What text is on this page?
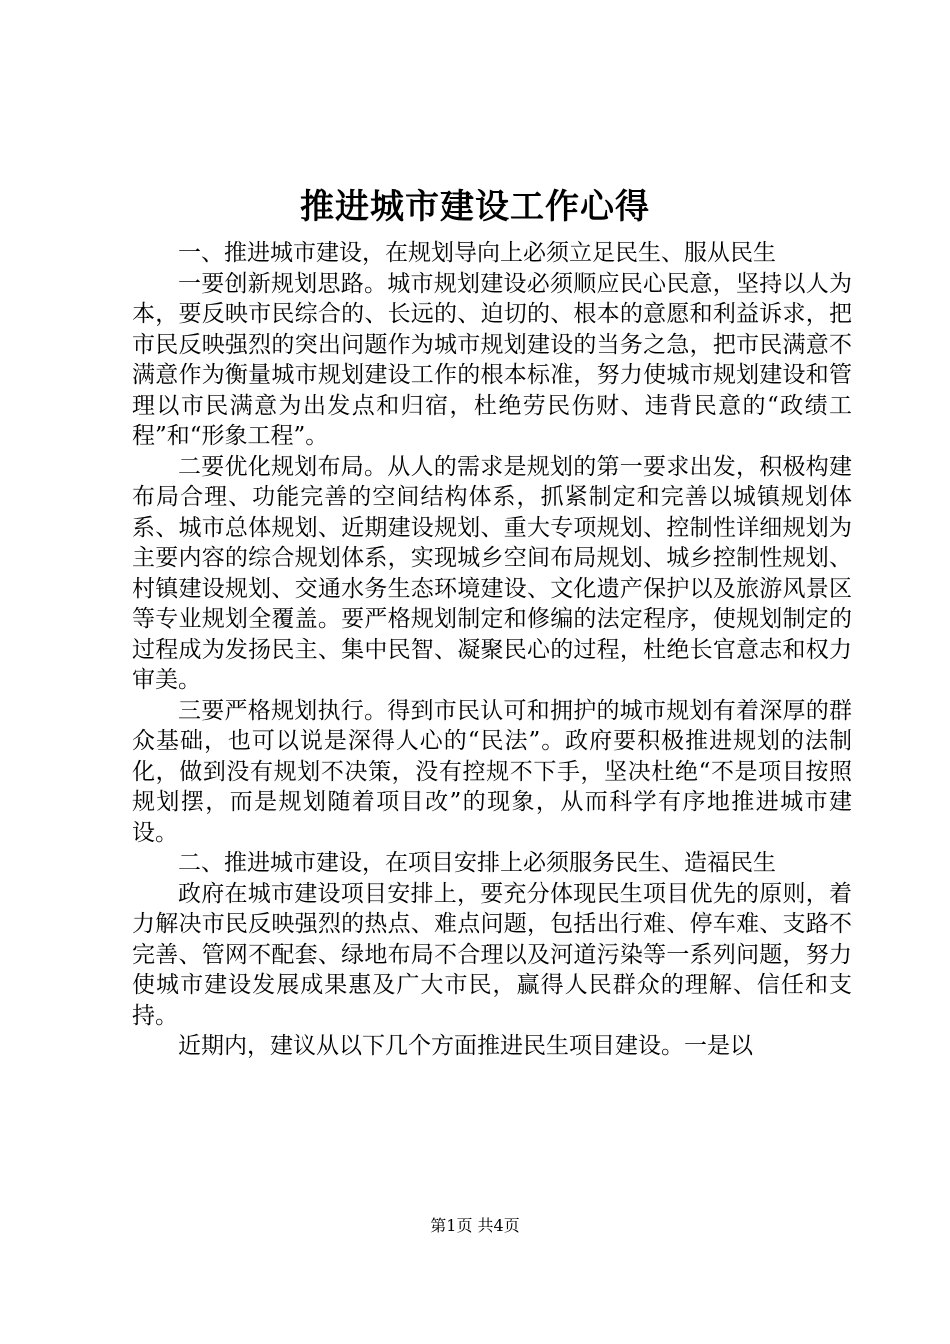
推进城市建设工作心得

一、推进城市建设，在规划导向上必须立足民生、服从民生

一要创新规划思路。城市规划建设必须顺应民心民意，坚持以人为本，要反映市民综合的、长远的、迫切的、根本的意愿和利益诉求，把市民反映强烈的突出问题作为城市规划建设的当务之急，把市民满意不满意作为衡量城市规划建设工作的根本标准，努力使城市规划建设和管理以市民满意为出发点和归宿，杜绝劳民伤财、违背民意的“政绩工程”和“形象工程”。

二要优化规划布局。从人的需求是规划的第一要求出发，积极构建布局合理、功能完善的空间结构体系，抓紧制定和完善以城镇规划体系、城市总体规划、近期建设规划、重大专项规划、控制性详细规划为主要内容的综合规划体系，实现城乡空间布局规划、城乡控制性规划、村镇建设规划、交通水务生态环境建设、文化遗产保护以及旅游风景区等专业规划全覆盖。要严格规划制定和修编的法定程序，使规划制定的过程成为发扬民主、集中民智、凝聚民心的过程，杜绝长官意志和权力审美。

三要严格规划执行。得到市民认可和拥护的城市规划有着深厚的群众基础，也可以说是深得人心的“民法”。政府要积极推进规划的法制化，做到没有规划不决策，没有控规不下手，坚决杜绝“不是项目按照规划摆，而是规划随着项目改”的现象，从而科学有序地推进城市建设。

二、推进城市建设，在项目安排上必须服务民生、造福民生

政府在城市建设项目安排上，要充分体现民生项目优先的原则，着力解决市民反映强烈的热点、难点问题，包括出行难、停车难、支路不完善、管网不配套、绿地布局不合理以及河道污染等一系列问题，努力使城市建设发展成果惠及广大市民，赢得人民群众的理解、信任和支持。

近期内，建议从以下几个方面推进民生项目建设。一是以

第1页 共4页
